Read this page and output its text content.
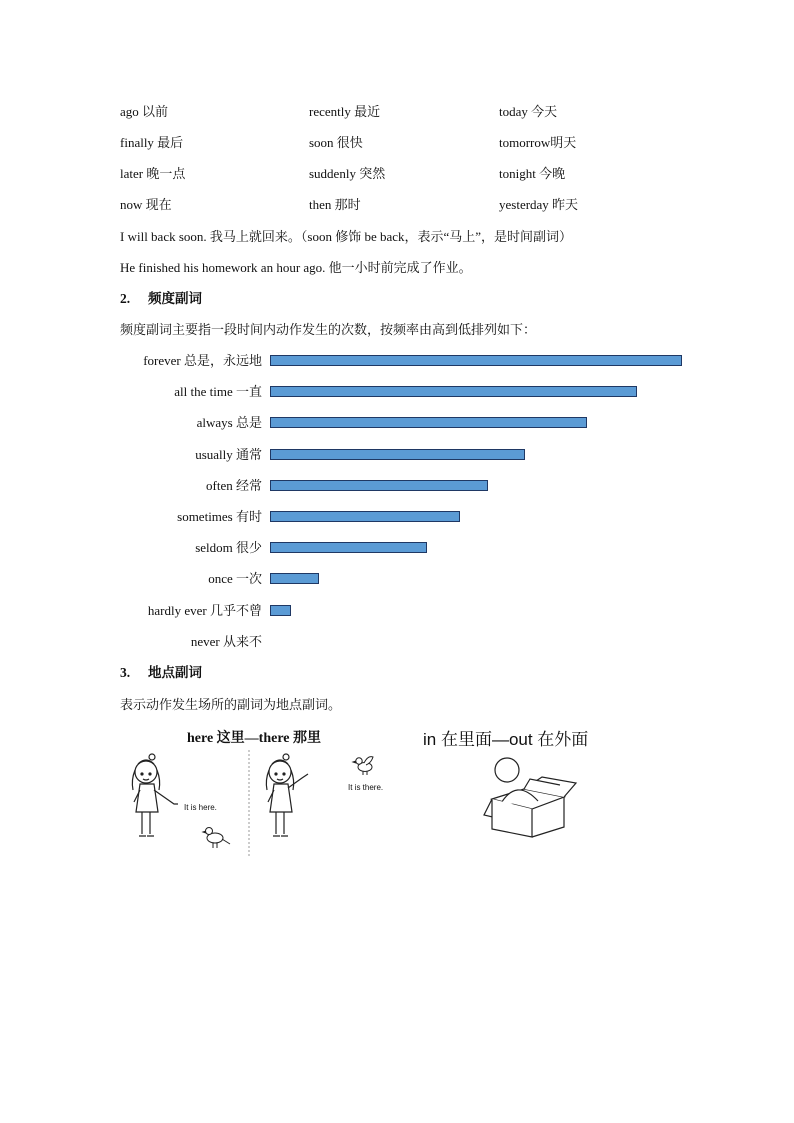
ago 以前	recently 最近	today 今天
finally 最后	soon 很快	tomorrow明天
later 晚一点	suddenly 突然	tonight 今晚
now 现在	then 那时	yesterday 昨天
I will back soon. 我马上就回来。（soon 修饰 be back，表示“马上”，是时间副词）
He finished his homework an hour ago. 他一小时前完成了作业。
2. 频度副词
频度副词主要指一段时间内动作发生的次数，按频率由高到低排列如下：
forever 总是，永远地
all the time 一直
always 总是
usually 通常
often 经常
sometimes 有时
seldom 很少
once 一次
hardly ever 几乎不曾
never 从来不
3. 地点副词
表示动作发生场所的副词为地点副词。
here 这里—there 那里	in 在里面—out 在外面
It is here.
It is there.
